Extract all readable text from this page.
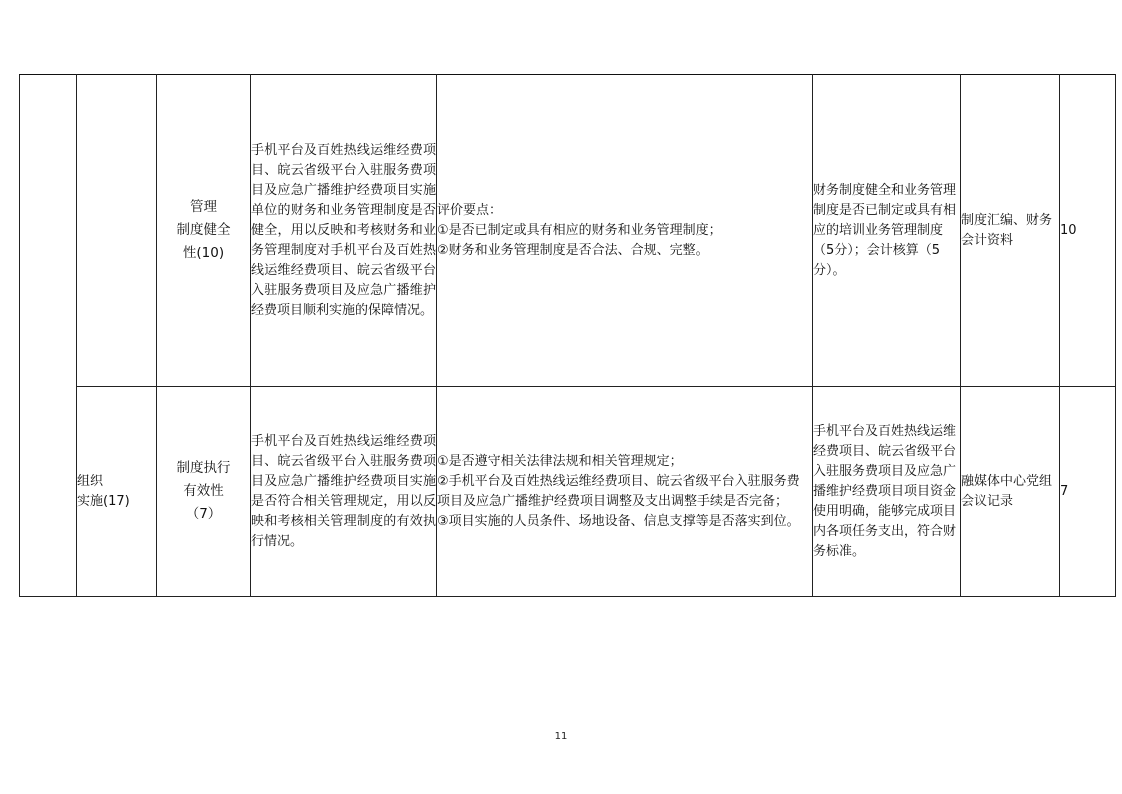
		管理
制度健全
性(10)	手机平台及百姓热线运维经费项目、皖云省级平台入驻服务费项目及应急广播维护经费项目实施单位的财务和业务管理制度是否健全，用以反映和考核财务和业务管理制度对手机平台及百姓热线运维经费项目、皖云省级平台入驻服务费项目及应急广播维护经费项目顺利实施的保障情况。	评价要点：
①是否已制定或具有相应的财务和业务管理制度；
②财务和业务管理制度是否合法、合规、完整。	财务制度健全和业务管理制度是否已制定或具有相应的培训业务管理制度（5分）；会计核算（5分）。	制度汇编、财务会计资料	10

	组织
实施(17)	制度执行
有效性
（7）	手机平台及百姓热线运维经费项目、皖云省级平台入驻服务费项目及应急广播维护经费项目实施是否符合相关管理规定，用以反映和考核相关管理制度的有效执行情况。	①是否遵守相关法律法规和相关管理规定；
②手机平台及百姓热线运维经费项目、皖云省级平台入驻服务费项目及应急广播维护经费项目调整及支出调整手续是否完备；
③项目实施的人员条件、场地设备、信息支撑等是否落实到位。	手机平台及百姓热线运维经费项目、皖云省级平台入驻服务费项目及应急广播维护经费项目项目资金使用明确，能够完成项目内各项任务支出，符合财务标准。	融媒体中心党组会议记录	7
11
